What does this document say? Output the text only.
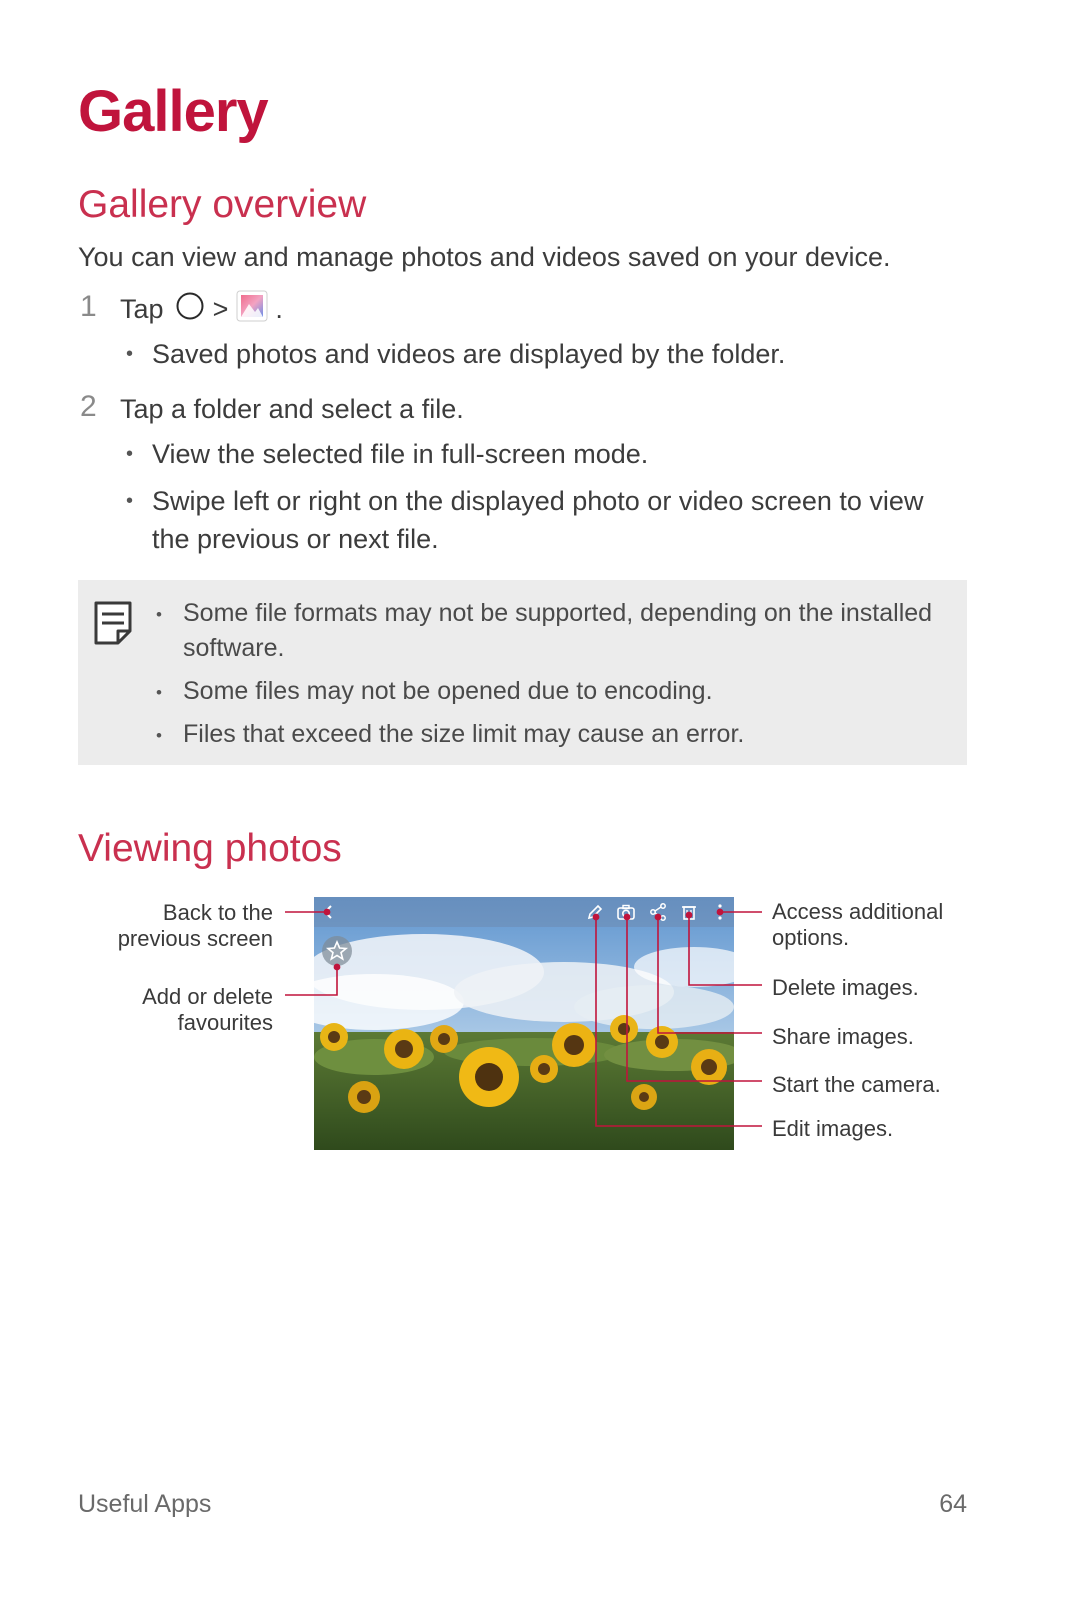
Gallery
Gallery overview
You can view and manage photos and videos saved on your device.
1 Tap > .
• Saved photos and videos are displayed by the folder.
2 Tap a folder and select a file.
• View the selected file in full-screen mode.
• Swipe left or right on the displayed photo or video screen to view
the previous or next file.
• Some file formats may not be supported, depending on the installed
software.
• Some files may not be opened due to encoding.
• Files that exceed the size limit may cause an error.
Viewing photos
Back to the
previous screen
Add or delete
favourites
Access additional
options.
Delete images.
Share images.
Start the camera.
Edit images.
Useful Apps	64
